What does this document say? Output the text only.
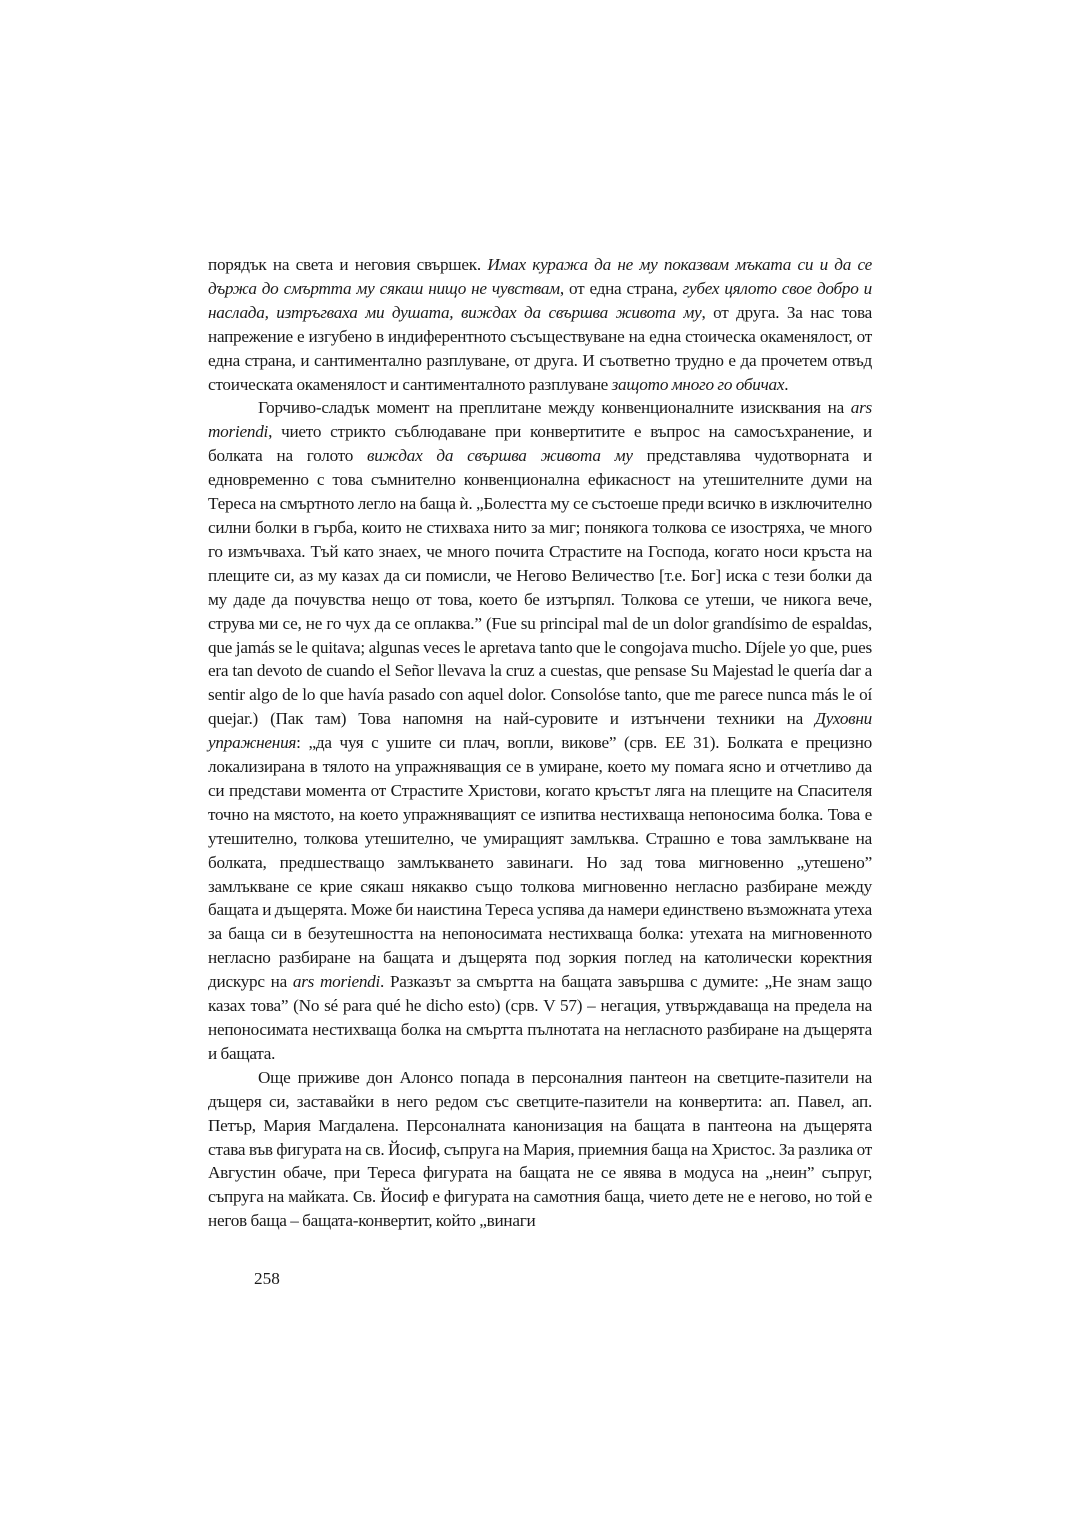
порядък на света и неговия свършек. Имах куража да не му показвам мъката си и да се държа до смъртта му сякаш нищо не чувствам, от една страна, губех цялото свое добро и наслада, изтръгваха ми душата, виждах да свършва живота му, от друга. За нас това напрежение е изгубено в индиферентното съсъществуване на една стоическа окаменялост, от една страна, и сантиментално разплуване, от друга. И съответно трудно е да прочетем отвъд стоическата окаменялост и сантименталното разплуване защото много го обичах.

Горчиво-сладък момент на преплитане между конвенционалните изисквания на ars moriendi, чието стрикто съблюдаване при конвертитите е въпрос на самосъхранение, и болката на голото виждах да свършва живота му представлява чудотворната и едновременно с това съмнително конвенционална ефикасност на утешителните думи на Тереса на смъртното легло на баща ѝ. „Болестта му се състоеше преди всичко в изключително силни болки в гърба, които не стихваха нито за миг; понякога толкова се изостряха, че много го измъчваха. Тъй като знаех, че много почита Страстите на Господа, когато носи кръста на плещите си, аз му казах да си помисли, че Негово Величество [т.е. Бог] иска с тези болки да му даде да почувства нещо от това, което бе изтърпял. Толкова се утеши, че никога вече, струва ми се, не го чух да се оплаква.” (Fue su principal mal de un dolor grandísimo de espaldas, que jamás se le quitava; algunas veces le apretava tanto que le congojava mucho. Díjele yo que, pues era tan devoto de cuando el Señor llevava la cruz a cuestas, que pensase Su Majestad le quería dar a sentir algo de lo que havía pasado con aquel dolor. Consolóse tanto, que me parece nunca más le oí quejar.) (Пак там) Това напомня на най-суровите и изтънчени техники на Духовни упражнения: „да чуя с ушите си плач, вопли, викове” (срв. ЕЕ 31). Болката е прецизно локализирана в тялото на упражняващия се в умиране, което му помага ясно и отчетливо да си представи момента от Страстите Христови, когато кръстът ляга на плещите на Спасителя точно на мястото, на което упражняващият се изпитва нестихваща непоносима болка. Това е утешително, толкова утешително, че умиращият замлъква. Страшно е това замлъкване на болката, предшестващо замлъкването завинаги. Но зад това мигновенно „утешено” замлъкване се крие сякаш някакво също толкова мигновенно негласно разбиране между бащата и дъщерята. Може би наистина Тереса успява да намери единствено възможната утеха за баща си в безутешността на непоносимата нестихваща болка: утехата на мигновенното негласно разбиране на бащата и дъщерята под зоркия поглед на католически коректния дискурс на ars moriendi. Разказът за смъртта на бащата завършва с думите: „Не знам защо казах това” (No sé para qué he dicho esto) (срв. V 57) – негация, утвърждаваща на предела на непоносимата нестихваща болка на смъртта пълнотата на негласното разбиране на дъщерята и бащата.

Още приживе дон Алонсо попада в персоналния пантеон на светците-пазители на дъщеря си, заставайки в него редом със светците-пазители на конвертита: ап. Павел, ап. Петър, Мария Магдалена. Персоналната канонизация на бащата в пантеона на дъщерята става във фигурата на св. Йосиф, съпруга на Мария, приемния баща на Христос. За разлика от Августин обаче, при Тереса фигурата на бащата не се явява в модуса на „неин” съпруг, съпруга на майката. Св. Йосиф е фигурата на самотния баща, чието дете не е негово, но той е негов баща – бащата-конвертит, който „винаги

258
